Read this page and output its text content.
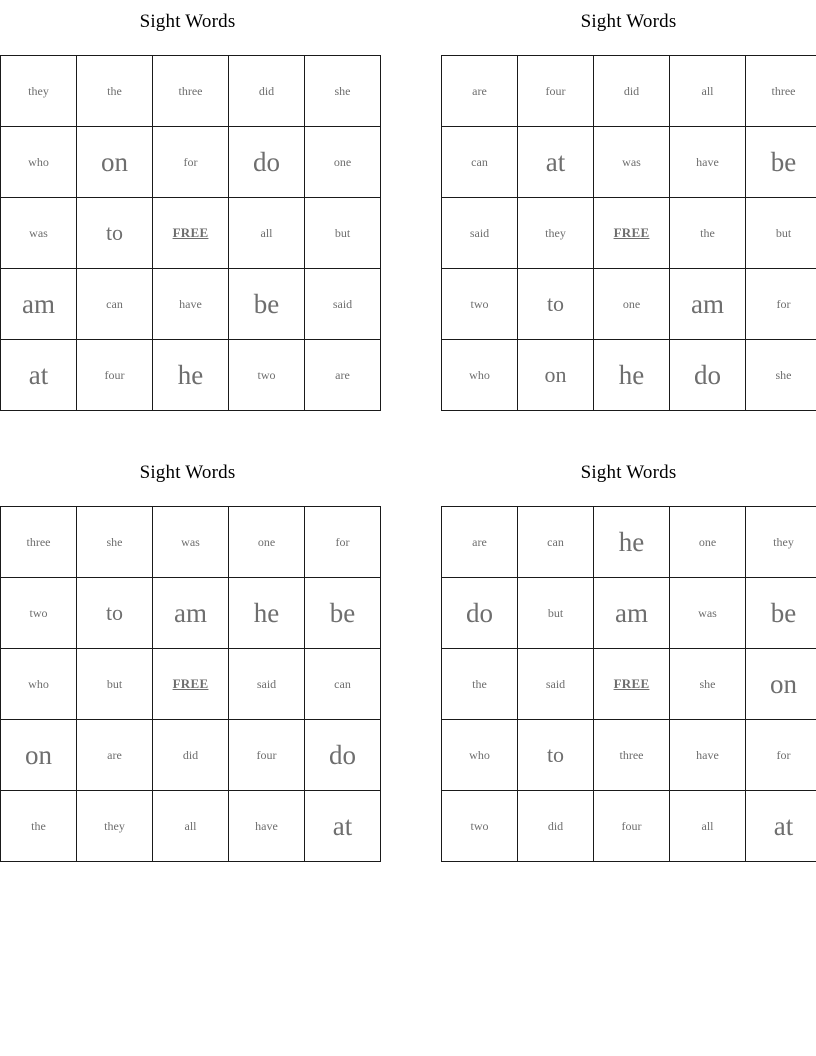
Sight Words
they	the	three	did	she
who	on	for	do	one
was	to	FREE	all	but
am	can	have	be	said
at	four	he	two	are
Sight Words
are	four	did	all	three
can	at	was	have	be
said	they	FREE	the	but
two	to	one	am	for
who	on	he	do	she
Sight Words
three	she	was	one	for
two	to	am	he	be
who	but	FREE	said	can
on	are	did	four	do
the	they	all	have	at
Sight Words
are	can	he	one	they
do	but	am	was	be
the	said	FREE	she	on
who	to	three	have	for
two	did	four	all	at
